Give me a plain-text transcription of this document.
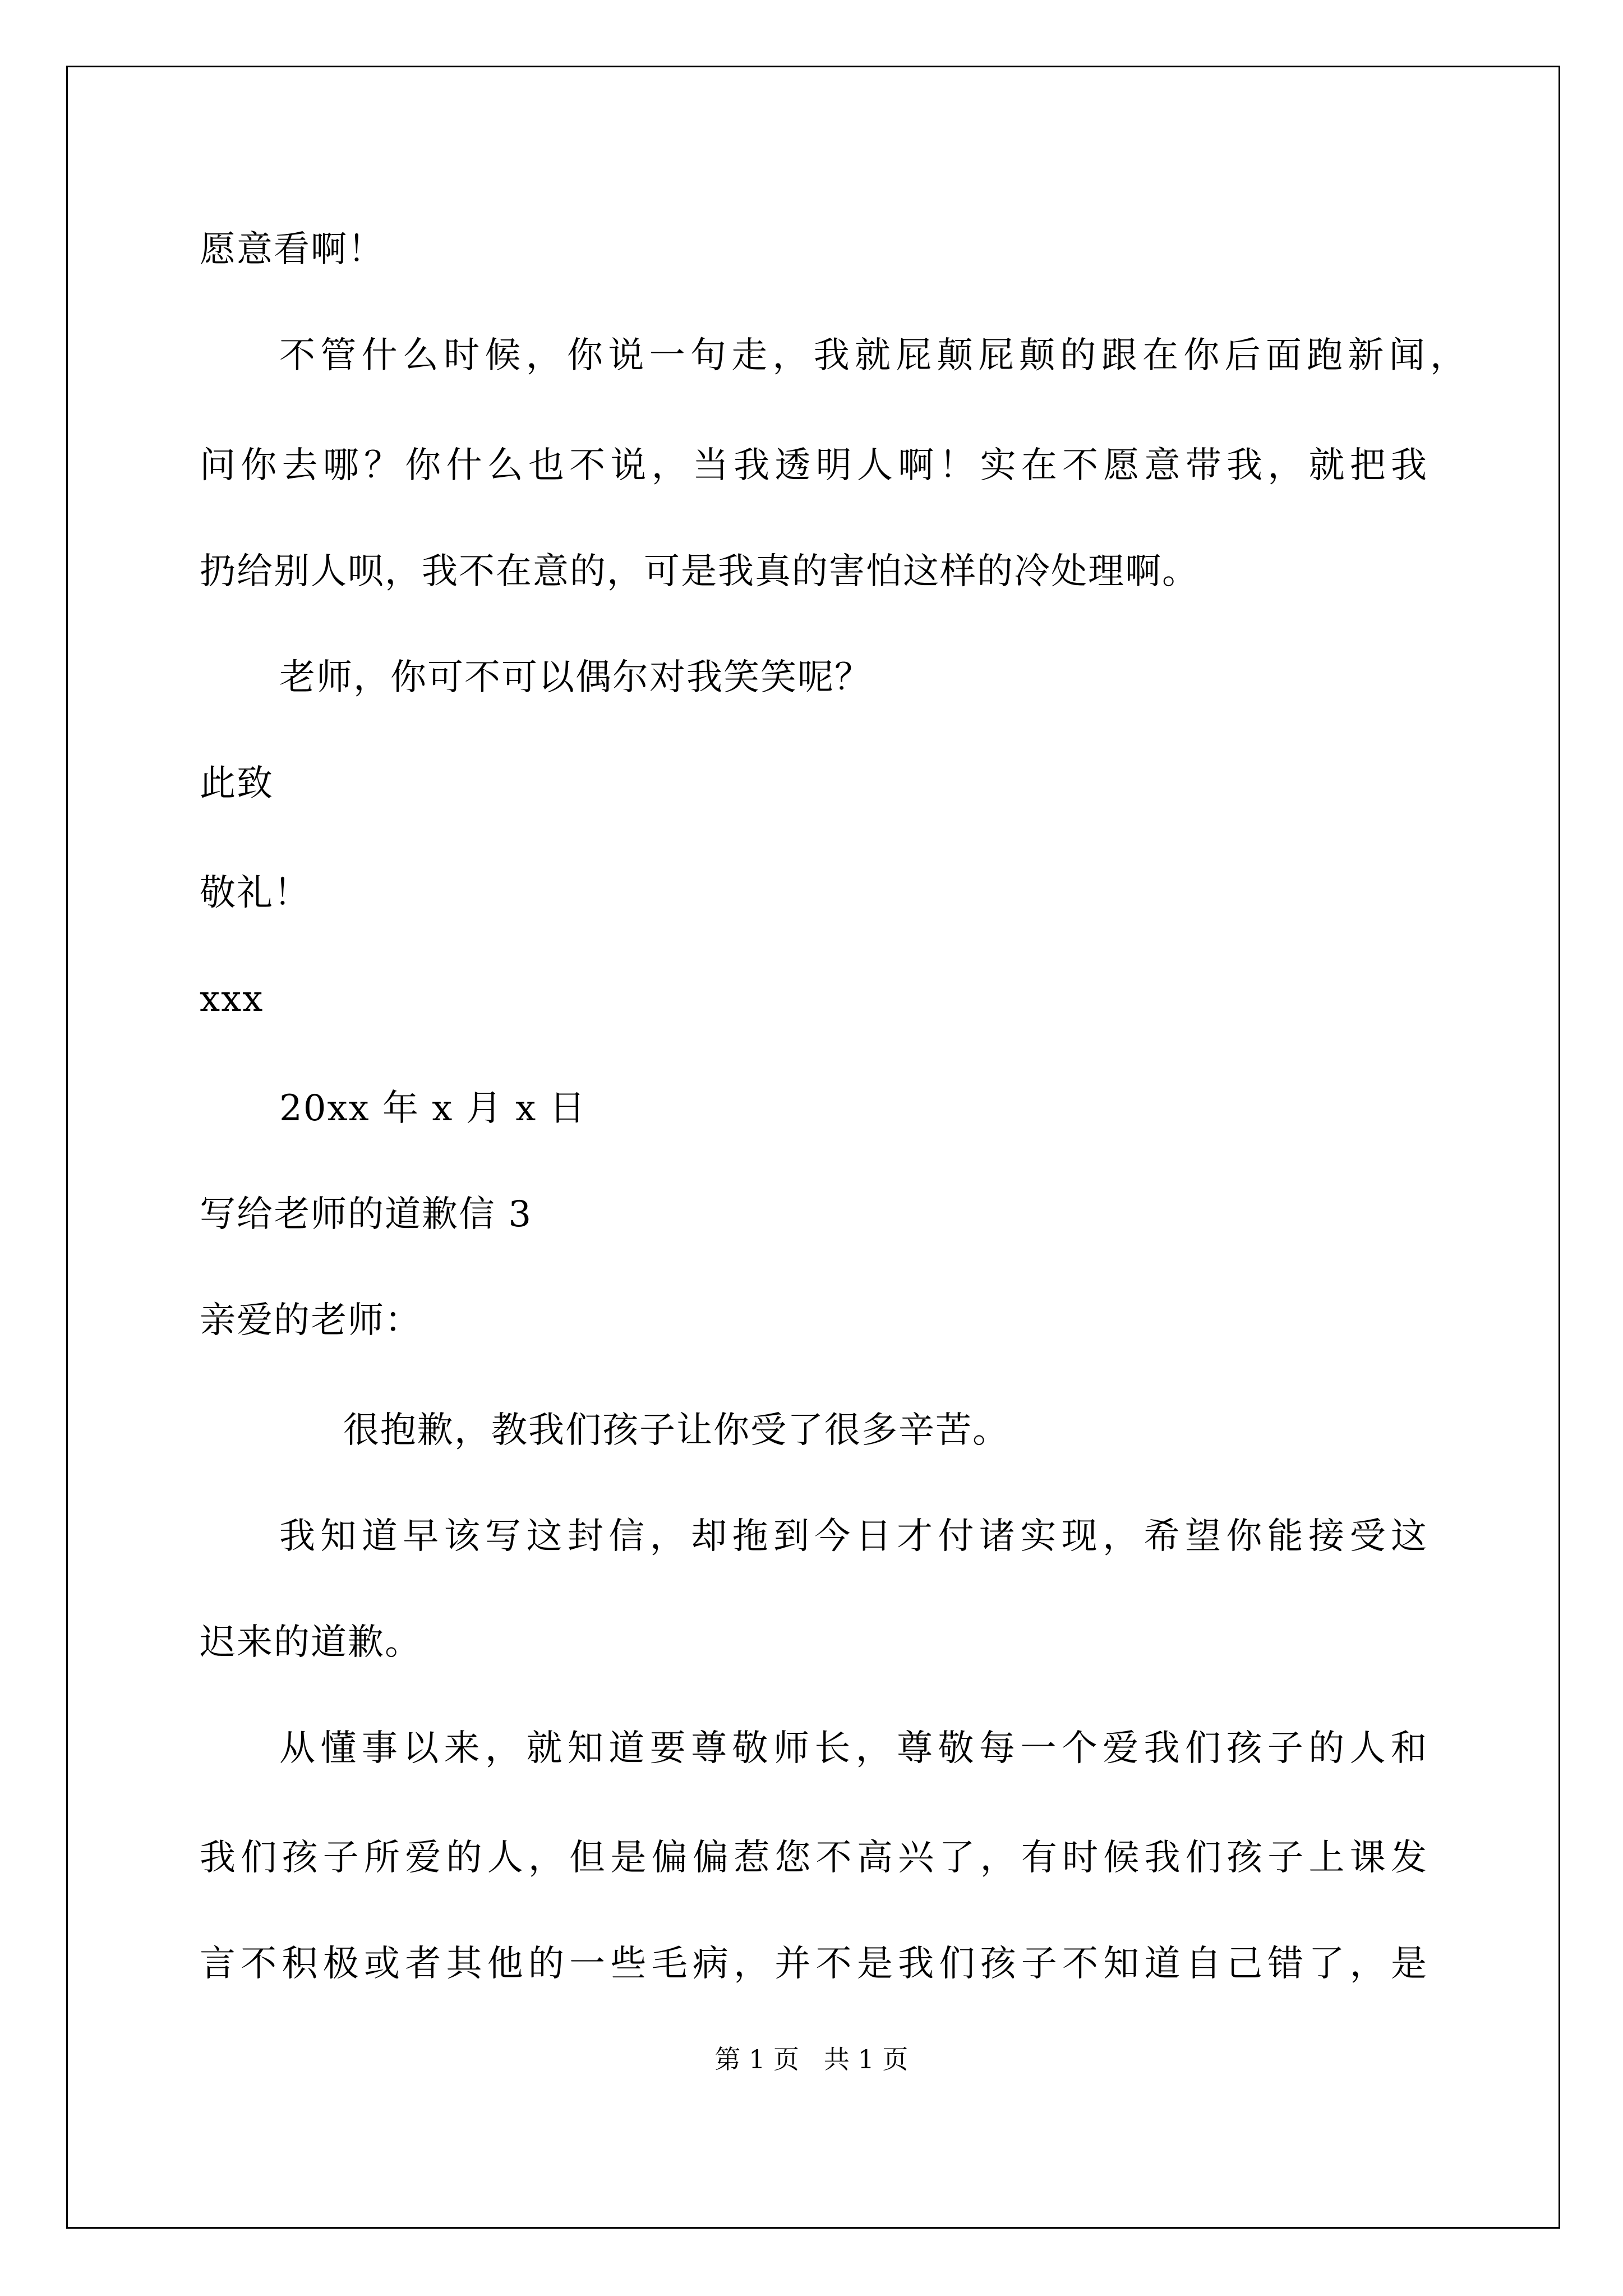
愿意看啊！
不管什么时候，你说一句走，我就屁颠屁颠的跟在你后面跑新闻，
问你去哪？你什么也不说，当我透明人啊！实在不愿意带我，就把我
扔给别人呗，我不在意的，可是我真的害怕这样的冷处理啊。
老师，你可不可以偶尔对我笑笑呢？
此致
敬礼！
xxx
20xx 年 x 月 x 日
写给老师的道歉信 3
亲爱的老师：
很抱歉，教我们孩子让你受了很多辛苦。
我知道早该写这封信，却拖到今日才付诸实现，希望你能接受这
迟来的道歉。
从懂事以来，就知道要尊敬师长，尊敬每一个爱我们孩子的人和
我们孩子所爱的人，但是偏偏惹您不高兴了，有时候我们孩子上课发
言不积极或者其他的一些毛病，并不是我们孩子不知道自己错了，是
第 1 页   共 1 页
